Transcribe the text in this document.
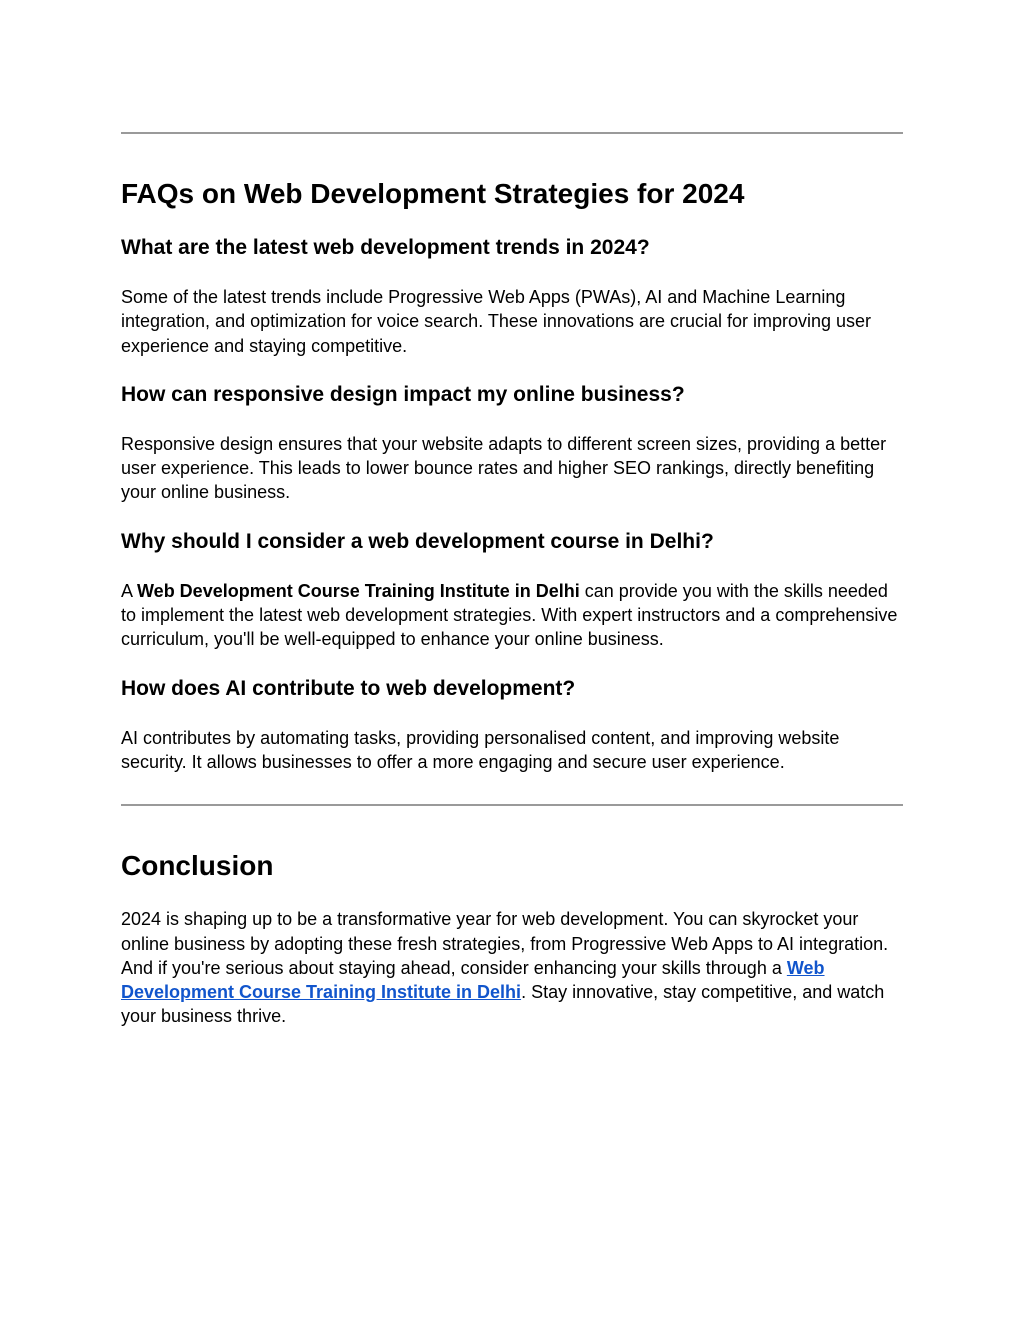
FAQs on Web Development Strategies for 2024
What are the latest web development trends in 2024?

Some of the latest trends include Progressive Web Apps (PWAs), AI and Machine Learning integration, and optimization for voice search. These innovations are crucial for improving user experience and staying competitive.

How can responsive design impact my online business?

Responsive design ensures that your website adapts to different screen sizes, providing a better user experience. This leads to lower bounce rates and higher SEO rankings, directly benefiting your online business.

Why should I consider a web development course in Delhi?

A Web Development Course Training Institute in Delhi can provide you with the skills needed to implement the latest web development strategies. With expert instructors and a comprehensive curriculum, you'll be well-equipped to enhance your online business.

How does AI contribute to web development?

AI contributes by automating tasks, providing personalised content, and improving website security. It allows businesses to offer a more engaging and secure user experience.

Conclusion

2024 is shaping up to be a transformative year for web development. You can skyrocket your online business by adopting these fresh strategies, from Progressive Web Apps to AI integration. And if you're serious about staying ahead, consider enhancing your skills through a Web Development Course Training Institute in Delhi. Stay innovative, stay competitive, and watch your business thrive.
